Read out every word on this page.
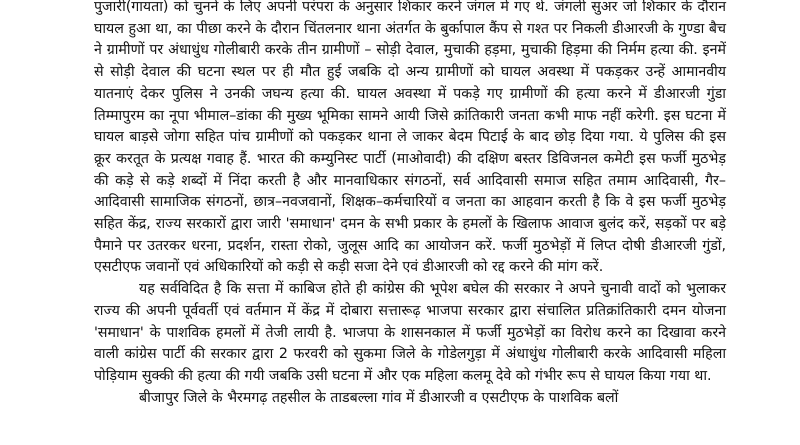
पुजारी(गायता) को चुनने के लिए अपनी परंपरा के अनुसार शिकार करने जंगल में गए थे. जंगली सुअर जो शिकार के दौरान घायल हुआ था, का पीछा करने के दौरान चिंतलनार थाना अंतर्गत के बुर्कापाल कैंप से गश्त पर निकली डीआरजी के गुण्डा बैच ने ग्रामीणों पर अंधाधुंध गोलीबारी करके तीन ग्रामीणों – सोड़ी देवाल, मुचाकी हड़मा, मुचाकी हिड़मा की निर्मम हत्या की. इनमें से सोड़ी देवाल की घटना स्थल पर ही मौत हुई जबकि दो अन्य ग्रामीणों को घायल अवस्था में पकड़कर उन्हें आमानवीय यातनाएं देकर पुलिस ने उनकी जघन्य हत्या की. घायल अवस्था में पकड़े गए ग्रामीणों की हत्या करने में डीआरजी गुंडा तिम्मापुरम का नूपा भीमाल–डांका की मुख्य भूमिका सामने आयी जिसे क्रांतिकारी जनता कभी माफ नहीं करेगी. इस घटना में घायल बाड़से जोगा सहित पांच ग्रामीणों को पकड़कर थाना ले जाकर बेदम पिटाई के बाद छोड़ दिया गया. ये पुलिस की इस क्रूर करतूत के प्रत्यक्ष गवाह हैं. भारत की कम्युनिस्ट पार्टी (माओवादी) की दक्षिण बस्तर डिविजनल कमेटी इस फर्जी मुठभेड़ की कड़े से कड़े शब्दों में निंदा करती है और मानवाधिकार संगठनों, सर्व आदिवासी समाज सहित तमाम आदिवासी, गैर–आदिवासी सामाजिक संगठनों, छात्र–नवजवानों, शिक्षक–कर्मचारियों व जनता का आहवान करती है कि वे इस फर्जी मुठभेड़ सहित केंद्र, राज्य सरकारों द्वारा जारी 'समाधान' दमन के सभी प्रकार के हमलों के खिलाफ आवाज बुलंद करें, सड़कों पर बड़े पैमाने पर उतरकर धरना, प्रदर्शन, रास्ता रोको, जुलूस आदि का आयोजन करें. फर्जी मुठभेड़ों में लिप्त दोषी डीआरजी गुंडों, एसटीएफ जवानों एवं अधिकारियों को कड़ी से कड़ी सजा देने एवं डीआरजी को रद्द करने की मांग करें.

यह सर्वविदित है कि सत्ता में काबिज होते ही कांग्रेस की भूपेश बघेल की सरकार ने अपने चुनावी वादों को भुलाकर राज्य की अपनी पूर्ववर्ती एवं वर्तमान में केंद्र में दोबारा सत्तारूढ़ भाजपा सरकार द्वारा संचालित प्रतिक्रांतिकारी दमन योजना 'समाधान' के पाशविक हमलों में तेजी लायी है. भाजपा के शासनकाल में फर्जी मुठभेड़ों का विरोध करने का दिखावा करने वाली कांग्रेस पार्टी की सरकार द्वारा 2 फरवरी को सुकमा जिले के गोडेलगुड़ा में अंधाधुंध गोलीबारी करके आदिवासी महिला पोड़ियाम सुक्की की हत्या की गयी जबकि उसी घटना में और एक महिला कलमू देवे को गंभीर रूप से घायल किया गया था.

बीजापुर जिले के भैरमगढ़ तहसील के ताडबल्ला गांव में डीआरजी व एसटीएफ के पाशविक बलों
